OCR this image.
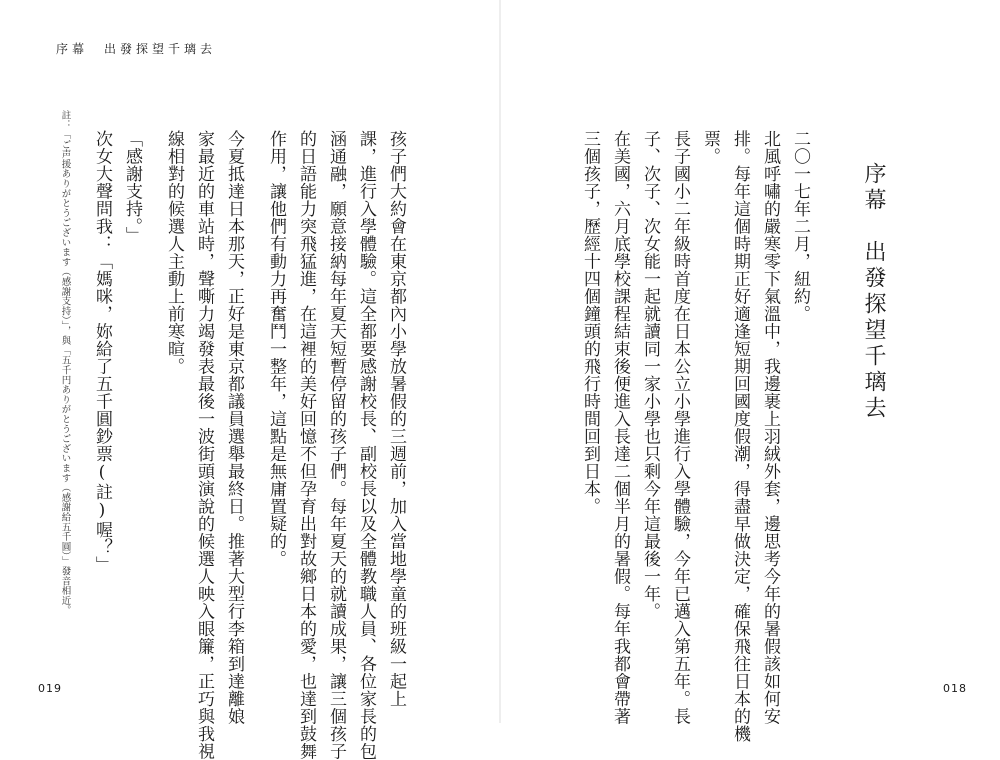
序幕　出發探望千璃去
序幕　出發探望千璃去
二〇一七年二月，紐約。
北風呼嘯的嚴寒零下氣溫中，我邊裹上羽絨外套，邊思考今年的暑假該如何安
排。每年這個時期正好適逢短期回國度假潮，得盡早做決定，確保飛往日本的機
票。
長子國小二年級時首度在日本公立小學進行入學體驗，今年已邁入第五年。長
子、次子、次女能一起就讀同一家小學也只剩今年這最後一年。
在美國，六月底學校課程結束後便進入長達二個半月的暑假。每年我都會帶著
三個孩子，歷經十四個鐘頭的飛行時間回到日本。
018
孩子們大約會在東京都內小學放暑假的三週前，加入當地學童的班級一起上
課，進行入學體驗。這全都要感謝校長、副校長以及全體教職人員、各位家長的包
涵通融，願意接納每年夏天短暫停留的孩子們。每年夏天的就讀成果，讓三個孩子
的日語能力突飛猛進，在這裡的美好回憶不但孕育出對故鄉日本的愛，也達到鼓舞
作用，讓他們有動力再奮鬥一整年，這點是無庸置疑的。
今夏抵達日本那天，正好是東京都議員選舉最終日。推著大型行李箱到達離娘
家最近的車站時，聲嘶力竭發表最後一波街頭演說的候選人映入眼簾，正巧與我視
線相對的候選人主動上前寒暄。
「感謝支持。」
次女大聲問我：「媽咪，妳給了五千圓鈔票(註)喔？」
註：「ご声援ありがとうございます（感謝支持）」，與「五千円ありがとうございます（感謝給五千圓）」發音相近。
019
